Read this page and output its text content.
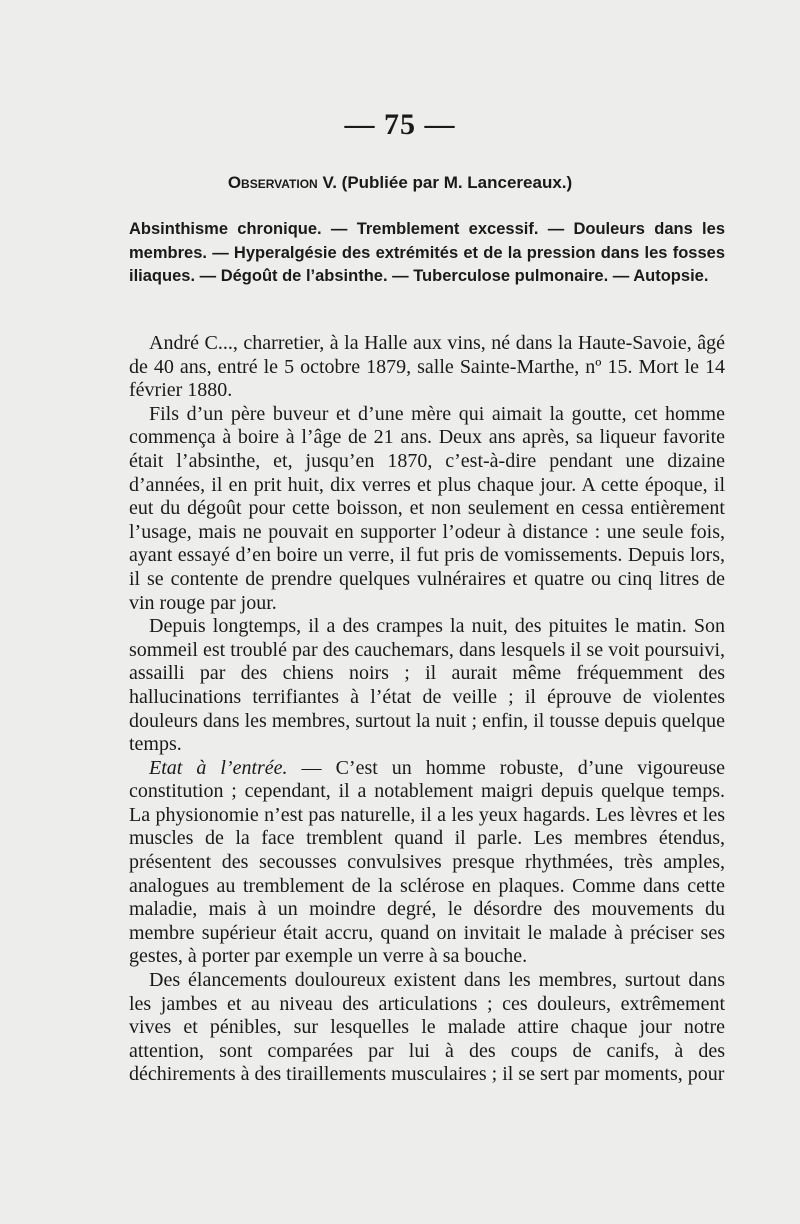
— 75 —
Observation V. (Publiée par M. Lancereaux.)

Absinthisme chronique. — Tremblement excessif. — Douleurs dans les membres. — Hyperalgésie des extrémités et de la pression dans les fosses iliaques. — Dégoût de l’absinthe. — Tuberculose pulmonaire. — Autopsie.

André C..., charretier, à la Halle aux vins, né dans la Haute-Savoie, âgé de 40 ans, entré le 5 octobre 1879, salle Sainte-Marthe, nº 15. Mort le 14 février 1880.

Fils d’un père buveur et d’une mère qui aimait la goutte, cet homme commença à boire à l’âge de 21 ans. Deux ans après, sa liqueur favorite était l’absinthe, et, jusqu’en 1870, c’est-à-dire pendant une dizaine d’années, il en prit huit, dix verres et plus chaque jour. A cette époque, il eut du dégoût pour cette boisson, et non seulement en cessa entièrement l’usage, mais ne pouvait en supporter l’odeur à distance : une seule fois, ayant essayé d’en boire un verre, il fut pris de vomissements. Depuis lors, il se contente de prendre quelques vulnéraires et quatre ou cinq litres de vin rouge par jour.

Depuis longtemps, il a des crampes la nuit, des pituites le matin. Son sommeil est troublé par des cauchemars, dans lesquels il se voit poursuivi, assailli par des chiens noirs ; il aurait même fréquemment des hallucinations terrifiantes à l’état de veille ; il éprouve de violentes douleurs dans les membres, surtout la nuit ; enfin, il tousse depuis quelque temps.

Etat à l’entrée. — C’est un homme robuste, d’une vigoureuse constitution ; cependant, il a notablement maigri depuis quelque temps. La physionomie n’est pas naturelle, il a les yeux hagards. Les lèvres et les muscles de la face tremblent quand il parle. Les membres étendus, présentent des secousses convulsives presque rhythmées, très amples, analogues au tremblement de la sclérose en plaques. Comme dans cette maladie, mais à un moindre degré, le désordre des mouvements du membre supérieur était accru, quand on invitait le malade à préciser ses gestes, à porter par exemple un verre à sa bouche.

Des élancements douloureux existent dans les membres, surtout dans les jambes et au niveau des articulations ; ces douleurs, extrêmement vives et pénibles, sur lesquelles le malade attire chaque jour notre attention, sont comparées par lui à des coups de canifs, à des déchirements à des tiraillements musculaires ; il se sert par moments, pour
